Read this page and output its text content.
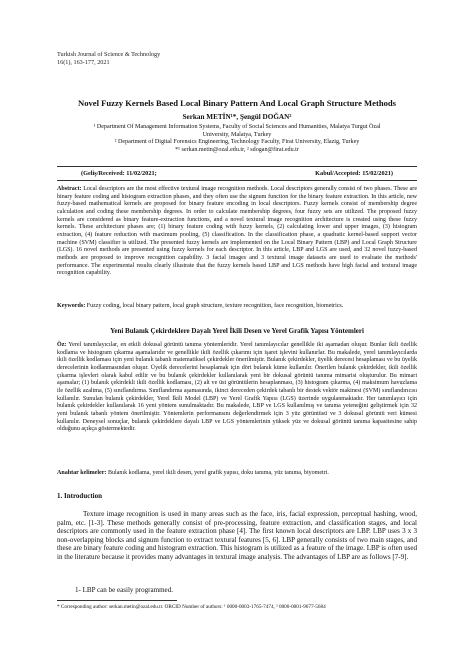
Turkish Journal of Science & Technology
16(1), 163-177, 2021
Novel Fuzzy Kernels Based Local Binary Pattern And Local Graph Structure Methods
Serkan METİN¹*, Şengül DOĞAN²
¹ Department Of Management Information Systems, Faculty of Social Sciences and Humanities, Malatya Turgut Özal
University, Malatya, Turkey
² Department of Digital Forensics Engineering, Technology Faculty, Firat University, Elazig, Turkey
*¹ serkan.metin@ozal.edu.tr, ² sdogan@firat.edu.tr
(Geliş/Received: 11/02/2021;	Kabul/Accepted: 15/02/2021)
Abstract: Local descriptors are the most effective textural image recognition methods. Local descriptors generally consist of two phases. These are binary feature coding and histogram extraction phases, and they often use the signum function for the binary feature extraction. In this article, new fuzzy-based mathematical kernels are proposed for binary feature encoding in local descriptors. Fuzzy kernels consist of membership degree calculation and coding these membership degrees. In order to calculate membership degrees, four fuzzy sets are utilized. The proposed fuzzy kernels are considered as binary feature-extraction functions, and a novel textural image recognition architecture is created using these fuzzy kernels. These architecture phases are; (1) binary feature coding with fuzzy kernels, (2) calculating lower and upper images, (3) histogram extraction, (4) feature reduction with maximum pooling, (5) classification. In the classification phase, a quadratic kernel-based support vector machine (SVM) classifier is utilized. The presented fuzzy kernels are implemented on the Local Binary Pattern (LBP) and Local Graph Structure (LGS). 16 novel methods are presented using fuzzy kernels for each descriptor. In this article, LBP and LGS are used, and 32 novel fuzzy-based methods are proposed to improve recognition capability. 3 facial images and 3 textural image datasets are used to evaluate the methods' performance. The experimental results clearly illustrate that the fuzzy kernels based LBP and LGS methods have high facial and textural image recognition capability.
Keywords: Fuzzy coding, local binary pattern, local graph structure, texture recognition, face recognition, biometrics.
Yeni Bulanık Çekirdeklere Dayalı Yerel İkili Desen ve Yerel Grafik Yapısı Yöntemleri
Öz: Yerel tanımlayıcılar, en etkili dokusal görüntü tanıma yöntemleridir. Yerel tanımlayıcılar genellikle iki aşamadan oluşur. Bunlar ikili özellik kodlama ve histogram çıkarma aşamalarıdır ve genellikle ikili özellik çıkarımı için işaret işlevini kullanırlar. Bu makalede, yerel tanımlayıcılarda ikili özellik kodlaması için yeni bulanık tabanlı matematiksel çekirdekler önerilmiştir. Bulanık çekirdekler, üyelik derecesi hesaplaması ve bu üyelik derecelerinin kodlanmasından oluşur. Üyelik derecelerini hesaplamak için dört bulanık küme kullanılır. Önerilen bulanık çekirdekler, ikili özellik çıkarma işlevleri olarak kabul edilir ve bu bulanık çekirdekler kullanılarak yeni bir dokusal görüntü tanıma mimarisi oluşturulur. Bu mimari aşamalar; (1) bulanık çekirdekli ikili özellik kodlaması, (2) alt ve üst görüntülerin hesaplanması, (3) histogram çıkarma, (4) maksimum havuzlama ile özellik azaltma, (5) sınıflandırma. Sınıflandırma aşamasında, ikinci dereceden çekirdek tabanlı bir destek vektör makinesi (SVM) sınıflandırıcısı kullanılır. Sunulan bulanık çekirdekler, Yerel İkili Model (LBP) ve Yerel Grafik Yapısı (LGS) üzerinde uygulanmaktadır. Her tanımlayıcı için bulanık çekirdekler kullanılarak 16 yeni yöntem sunulmaktadır. Bu makalede, LBP ve LGS kullanılmış ve tanıma yeteneğini geliştirmek için 32 yeni bulanık tabanlı yöntem önerilmiştir. Yöntemlerin performansını değerlendirmek için 3 yüz görüntüsü ve 3 dokusal görüntü veri kümesi kullanılır. Deneysel sonuçlar, bulanık çekirdeklere dayalı LBP ve LGS yöntemlerinin yüksek yüz ve dokusal görüntü tanıma kapasitesine sahip olduğunu açıkça göstermektedir.
Anahtar kelimeler: Bulanık kodlama, yerel ikili desen, yerel grafik yapısı, doku tanıma, yüz tanıma, biyometri.
1. Introduction
Texture image recognition is used in many areas such as the face, iris, facial expression, perceptual hashing, wood, palm, etc. [1-3]. These methods generally consist of pre-processing, feature extraction, and classification stages, and local descriptors are commonly used in the feature extraction phase [4]. The first known local descriptors are LBP. LBP uses 3 x 3 non-overlapping blocks and signum function to extract textural features [5, 6]. LBP generally consists of two main stages, and these are binary feature coding and histogram extraction. This histogram is utilized as a feature of the image. LBP is often used in the literature because it provides many advantages in textural image analysis. The advantages of LBP are as follows [7-9].
1- LBP can be easily programmed.
* Corresponding author: serkan.metin@ozal.edu.tr. ORCID Number of authors: ¹ 0000-0003-1765-7474, ² 0000-0001-9677-5684
